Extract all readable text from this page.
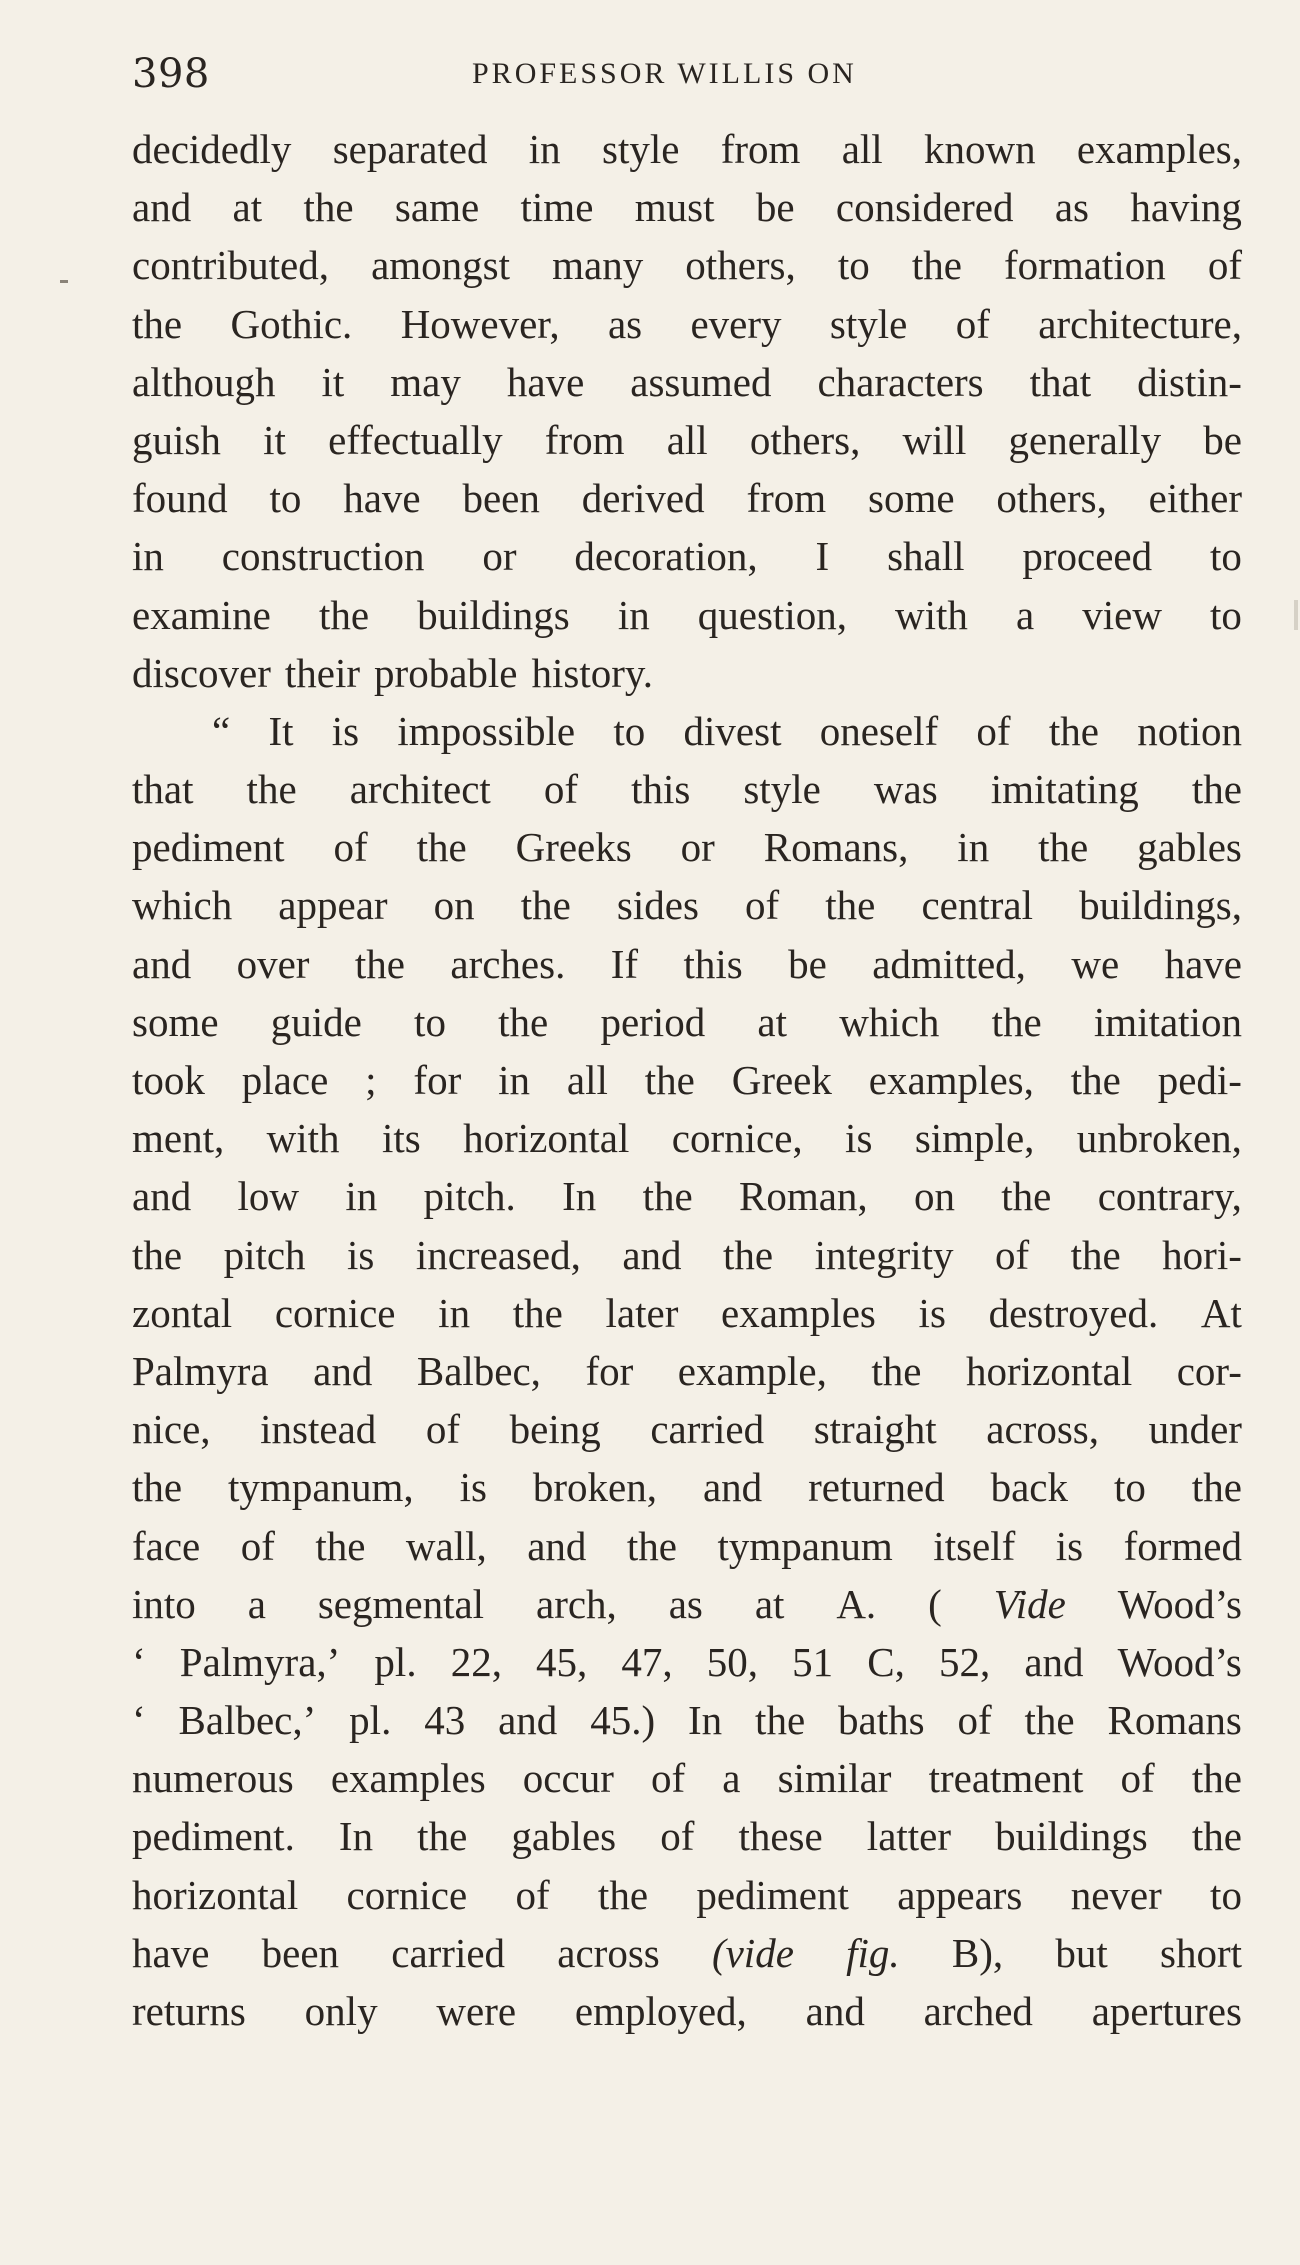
398	PROFESSOR WILLIS ON
decidedly separated in style from all known examples,
and at the same time must be considered as having
contributed, amongst many others, to the formation of
the Gothic. However, as every style of architecture,
although it may have assumed characters that distin-
guish it effectually from all others, will generally be
found to have been derived from some others, either
in construction or decoration, I shall proceed to
examine the buildings in question, with a view to
discover their probable history.
“ It is impossible to divest oneself of the notion
that the architect of this style was imitating the
pediment of the Greeks or Romans, in the gables
which appear on the sides of the central buildings,
and over the arches. If this be admitted, we have
some guide to the period at which the imitation
took place ; for in all the Greek examples, the pedi-
ment, with its horizontal cornice, is simple, unbroken,
and low in pitch. In the Roman, on the contrary,
the pitch is increased, and the integrity of the hori-
zontal cornice in the later examples is destroyed. At
Palmyra and Balbec, for example, the horizontal cor-
nice, instead of being carried straight across, under
the tympanum, is broken, and returned back to the
face of the wall, and the tympanum itself is formed
into a segmental arch, as at A. ( Vide Wood’s
‘ Palmyra,’ pl. 22, 45, 47, 50, 51 C, 52, and Wood’s
‘ Balbec,’ pl. 43 and 45.) In the baths of the Romans
numerous examples occur of a similar treatment of the
pediment. In the gables of these latter buildings the
horizontal cornice of the pediment appears never to
have been carried across (vide fig. B), but short
returns only were employed, and arched apertures
